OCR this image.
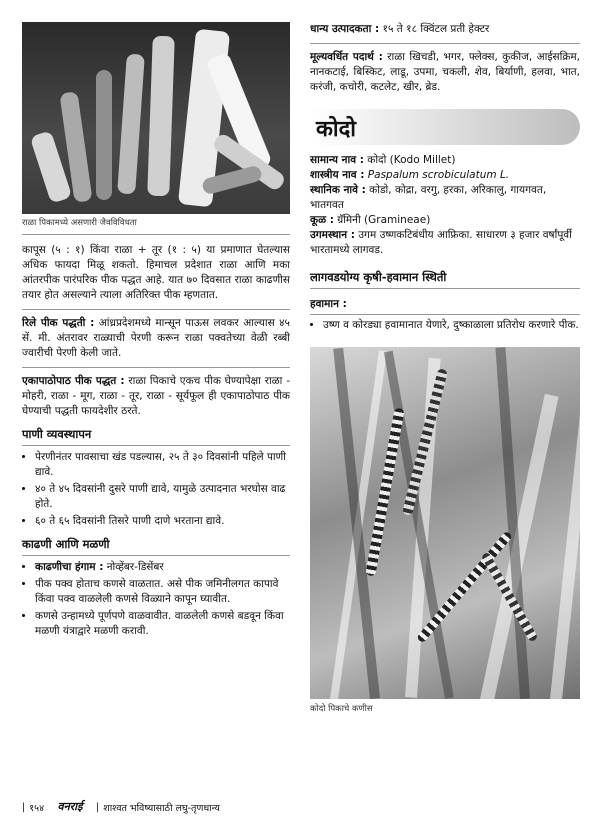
राळा पिकामध्ये असणारी जैवविविधता

कापूस (५ : १) किंवा राळा + तूर (१ : ५) या प्रमाणात घेतल्यास अधिक फायदा मिळू शकतो. हिमाचल प्रदेशात राळा आणि मका आंतरपीक पारंपरिक पीक पद्धत आहे. यात ७० दिवसात राळा काढणीस तयार होत असल्याने त्याला अतिरिक्त पीक म्हणतात.

रिले पीक पद्धती : आंध्रप्रदेशमध्ये मान्सून पाऊस लवकर आल्यास ४५ सें. मी. अंतरावर राळ्याची पेरणी करून राळा पक्वतेच्या वेळी रब्बी ज्वारीची पेरणी केली जाते.

एकापाठोपाठ पीक पद्धत : राळा पिकाचे एकच पीक घेण्यापेक्षा राळा - मोहरी, राळा - मूग, राळा - तूर, राळा - सूर्यफूल ही एकापाठोपाठ पीक घेण्याची पद्धती फायदेशीर ठरते.

पाणी व्यवस्थापन
• पेरणीनंतर पावसाचा खंड पडल्यास, २५ ते ३० दिवसांनी पहिले पाणी द्यावे.
• ४० ते ४५ दिवसांनी दुसरे पाणी द्यावे, यामुळे उत्पादनात भरघोस वाढ होते.
• ६० ते ६५ दिवसांनी तिसरे पाणी दाणे भरताना द्यावे.
काढणी आणि मळणी
• काढणीचा हंगाम : नोव्हेंबर-डिसेंबर
• पीक पक्व होताच कणसे वाळतात. असे पीक जमिनीलगत कापावे किंवा पक्व वाळलेली कणसे विळ्याने कापून घ्यावीत.
• कणसे उन्हामध्ये पूर्णपणे वाळवावीत. वाळलेली कणसे बडवून किंवा मळणी यंत्राद्वारे मळणी करावी.

धान्य उत्पादकता : १५ ते १८ क्विंटल प्रती हेक्टर

मूल्यवर्धित पदार्थ : राळा खिचडी, भगर, फ्लेक्स, कुकीज, आईसक्रिम, नानकटाई, बिस्किट, लाडू, उपमा, चकली, शेव, बिर्याणी, हलवा, भात, करंजी, कचोरी, कटलेट, खीर, ब्रेड.

कोदो
सामान्य नाव : कोदो (Kodo Millet)
शास्त्रीय नाव : Paspalum scrobiculatum L.
स्थानिक नावे : कोडो, कोद्रा, वरगु, हरका, अरिकालु, गायगवत, भातगवत
कूळ : ग्रॅमिनी (Gramineae)
उगमस्थान : उगम उष्णकटिबंधीय आफ्रिका. साधारण ३ हजार वर्षांपूर्वी भारतामध्ये लागवड.
लागवडयोग्य कृषी-हवामान स्थिती
हवामान :
• उष्ण व कोरड्या हवामानात येणारे, दुष्काळाला प्रतिरोध करणारे पीक.
कोदो पिकाचे कणीस
| १५४	वनराई	| शाश्वत भविष्यासाठी लघु-तृणधान्य
